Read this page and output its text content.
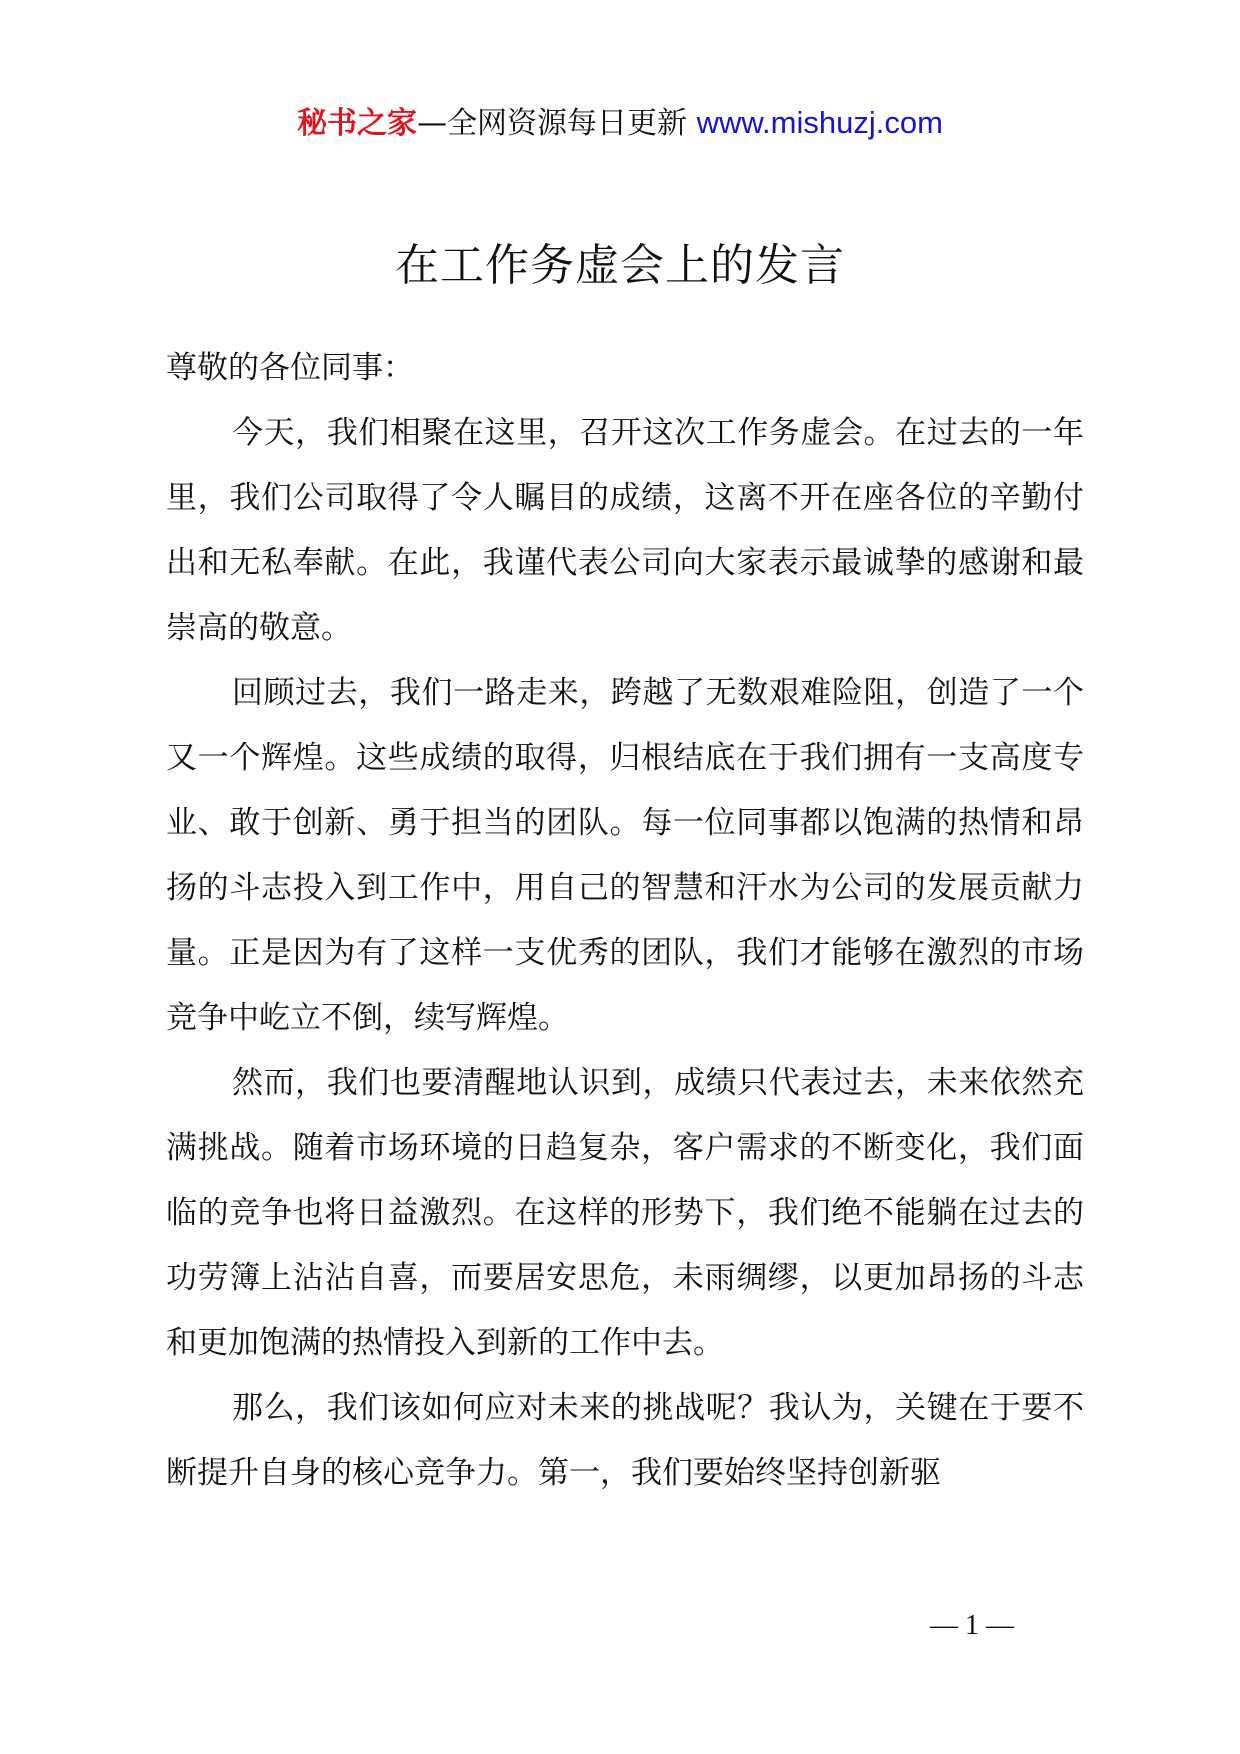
秘书之家—全网资源每日更新 www.mishuzj.com
在工作务虚会上的发言

尊敬的各位同事：

今天，我们相聚在这里，召开这次工作务虚会。在过去的一年里，我们公司取得了令人瞩目的成绩，这离不开在座各位的辛勤付出和无私奉献。在此，我谨代表公司向大家表示最诚挚的感谢和最崇高的敬意。

回顾过去，我们一路走来，跨越了无数艰难险阻，创造了一个又一个辉煌。这些成绩的取得，归根结底在于我们拥有一支高度专业、敢于创新、勇于担当的团队。每一位同事都以饱满的热情和昂扬的斗志投入到工作中，用自己的智慧和汗水为公司的发展贡献力量。正是因为有了这样一支优秀的团队，我们才能够在激烈的市场竞争中屹立不倒，续写辉煌。

然而，我们也要清醒地认识到，成绩只代表过去，未来依然充满挑战。随着市场环境的日趋复杂，客户需求的不断变化，我们面临的竞争也将日益激烈。在这样的形势下，我们绝不能躺在过去的功劳簿上沾沾自喜，而要居安思危，未雨绸缪，以更加昂扬的斗志和更加饱满的热情投入到新的工作中去。

那么，我们该如何应对未来的挑战呢？我认为，关键在于要不断提升自身的核心竞争力。第一，我们要始终坚持创新驱

— 1 —
